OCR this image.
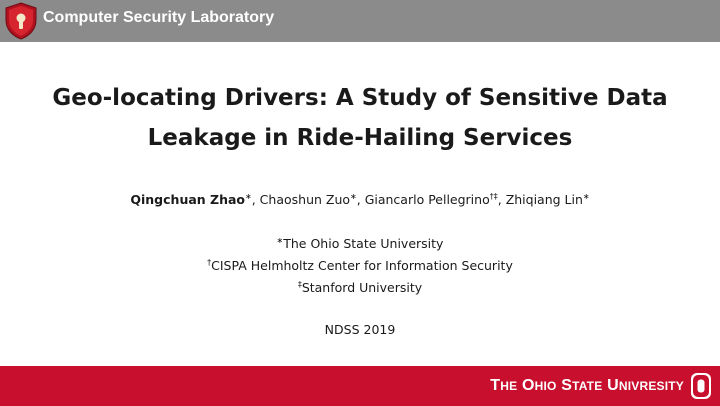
Computer Security Laboratory
Geo-locating Drivers: A Study of Sensitive Data
Leakage in Ride-Hailing Services
Qingchuan Zhao∗, Chaoshun Zuo∗, Giancarlo Pellegrino†‡, Zhiqiang Lin∗
∗The Ohio State University
†CISPA Helmholtz Center for Information Security
‡Stanford University
NDSS 2019
THE OHIO STATE UNIVRESITY
